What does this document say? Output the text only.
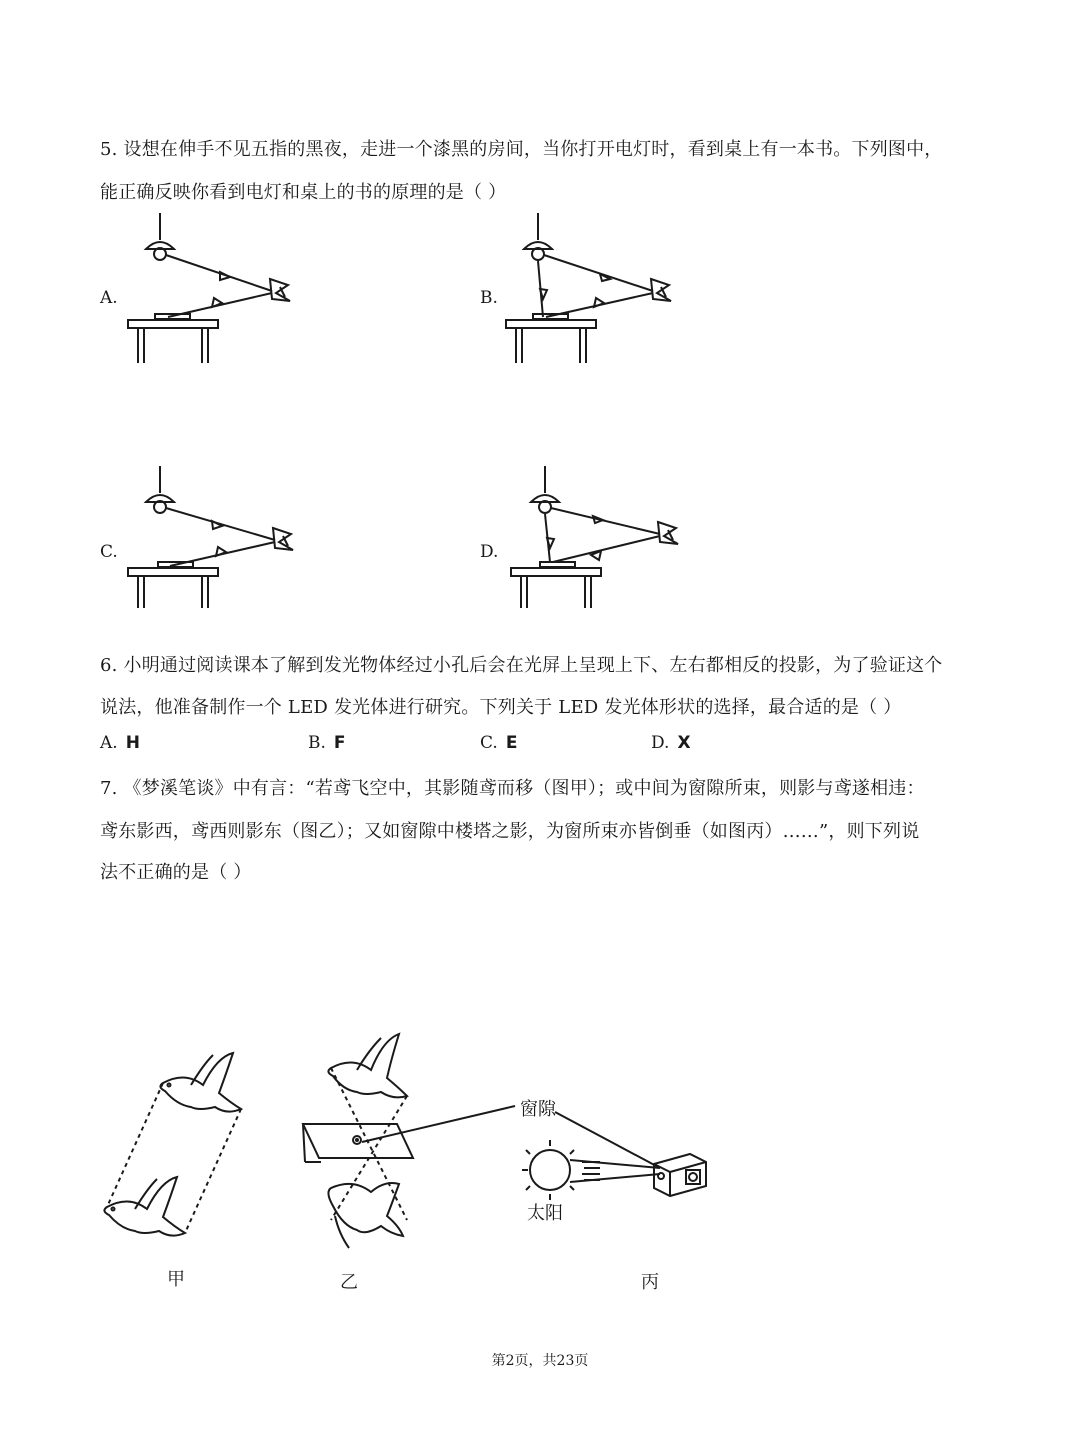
5. 设想在伸手不见五指的黑夜，走进一个漆黑的房间，当你打开电灯时，看到桌上有一本书。下列图中，
能正确反映你看到电灯和桌上的书的原理的是（ ）
A.	B.
C.	D.
6. 小明通过阅读课本了解到发光物体经过小孔后会在光屏上呈现上下、左右都相反的投影，为了验证这个
说法，他准备制作一个 LED 发光体进行研究。下列关于 LED 发光体形状的选择，最合适的是（ ）
A. H	B. F	C. E	D. X
7. 《梦溪笔谈》中有言：“若鸢飞空中，其影随鸢而移（图甲）；或中间为窗隙所束，则影与鸢遂相违：
鸢东影西，鸢西则影东（图乙）；又如窗隙中楼塔之影，为窗所束亦皆倒垂（如图丙）……”，则下列说
法不正确的是（ ）
窗隙
太阳
甲	乙	丙
第2页，共23页
